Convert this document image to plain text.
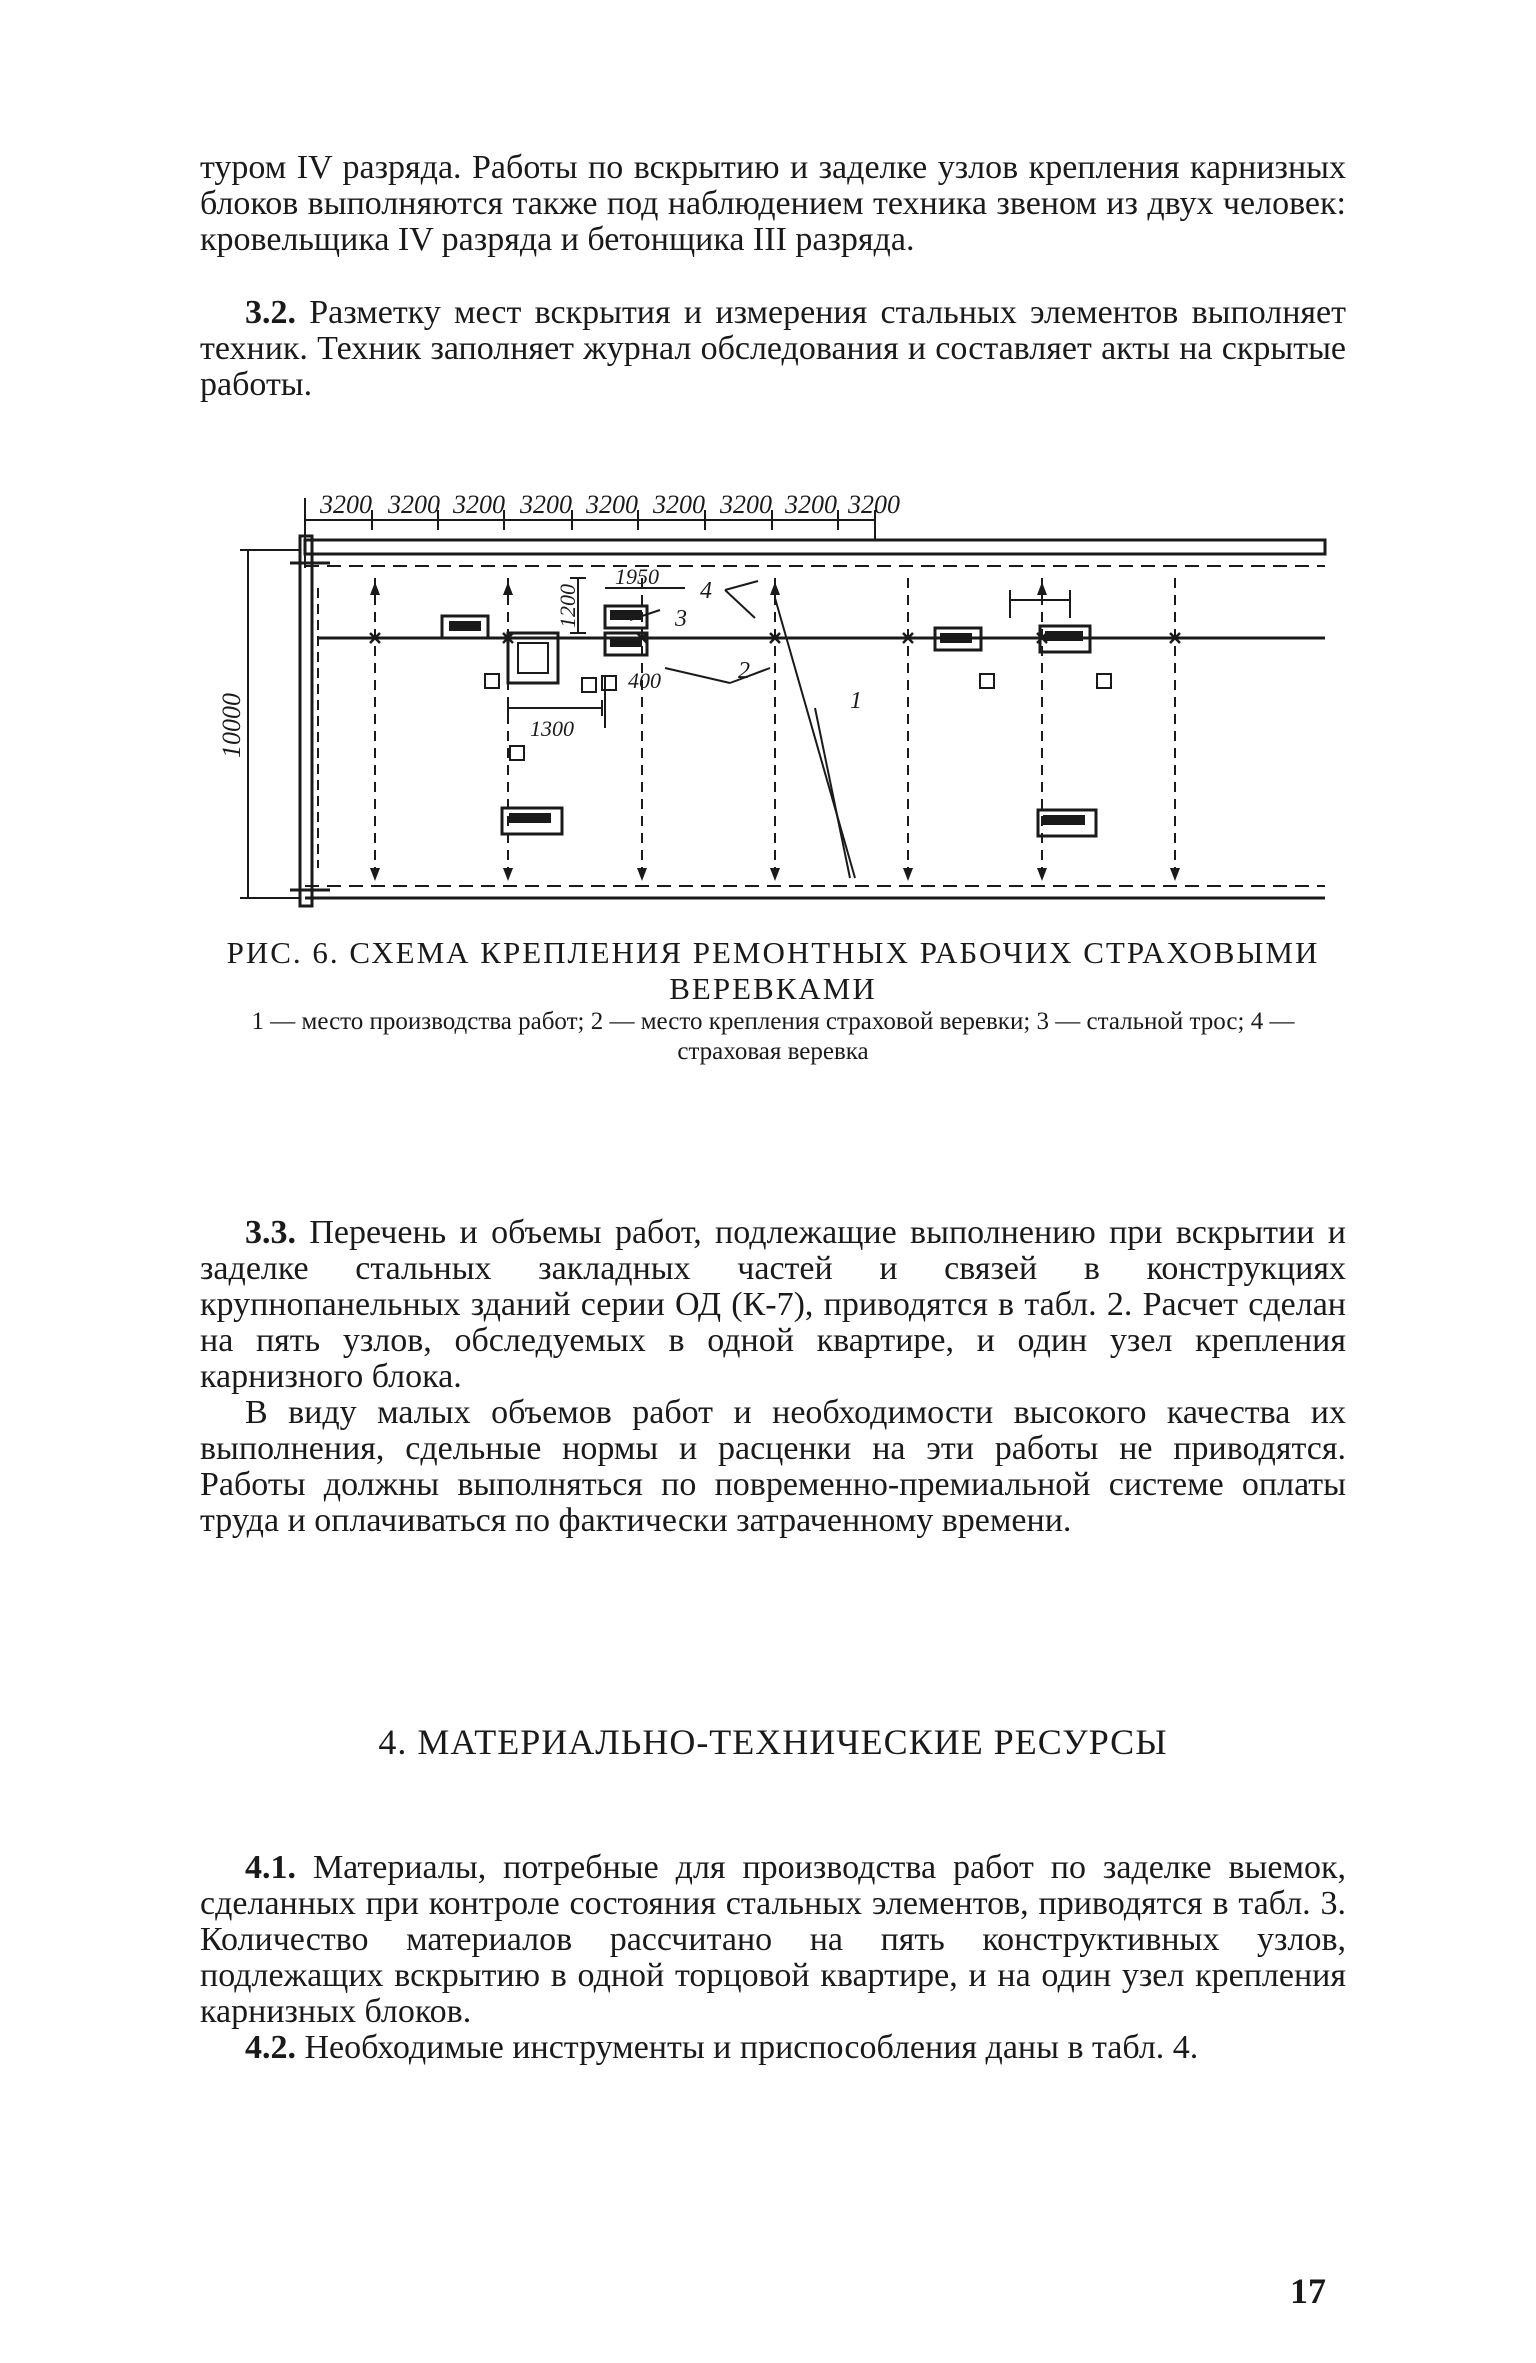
туром IV разряда. Работы по вскрытию и заделке узлов крепления карнизных блоков выполняются также под наблюдением техника звеном из двух человек: кровельщика IV разряда и бетонщика III разряда.

3.2. Разметку мест вскрытия и измерения стальных элементов выполняет техник. Техник заполняет журнал обследования и составляет акты на скрытые работы.

3200 3200 3200 3200 3200 3200 3200 3200 3200
10000
1200
1950
400
1300
1
2
3
4

РИС. 6. СХЕМА КРЕПЛЕНИЯ РЕМОНТНЫХ РАБОЧИХ СТРАХОВЫМИ ВЕРЕВКАМИ

1 — место производства работ; 2 — место крепления страховой веревки; 3 — стальной трос; 4 — страховая веревка

3.3. Перечень и объемы работ, подлежащие выполнению при вскрытии и заделке стальных закладных частей и связей в конструкциях крупнопанельных зданий серии ОД (К-7), приводятся в табл. 2. Расчет сделан на пять узлов, обследуемых в одной квартире, и один узел крепления карнизного блока.

В виду малых объемов работ и необходимости высокого качества их выполнения, сдельные нормы и расценки на эти работы не приводятся. Работы должны выполняться по повременно-премиальной системе оплаты труда и оплачиваться по фактически затраченному времени.

4. МАТЕРИАЛЬНО-ТЕХНИЧЕСКИЕ РЕСУРСЫ

4.1. Материалы, потребные для производства работ по заделке выемок, сделанных при контроле состояния стальных элементов, приводятся в табл. 3. Количество материалов рассчитано на пять конструктивных узлов, подлежащих вскрытию в одной торцовой квартире, и на один узел крепления карнизных блоков.

4.2. Необходимые инструменты и приспособления даны в табл. 4.

17
